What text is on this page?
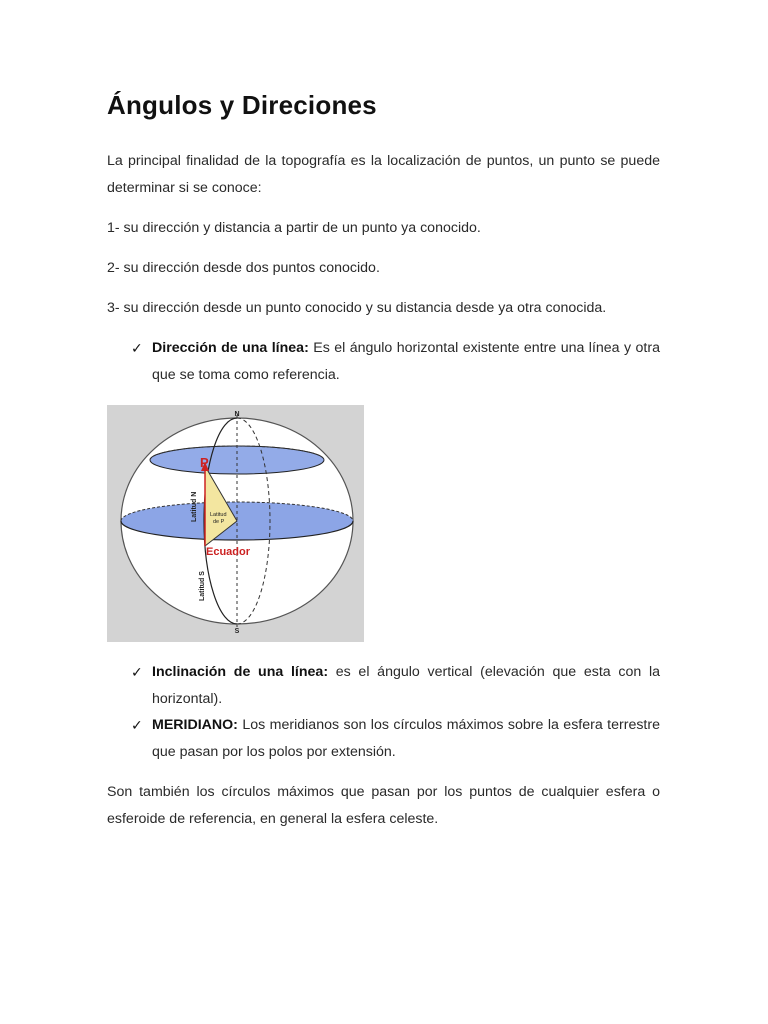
Ángulos y Direciones

La principal finalidad de la topografía es la localización de puntos, un punto se puede determinar si se conoce:

1- su dirección y distancia a partir de un punto ya conocido.

2- su dirección desde dos puntos conocido.

3- su dirección desde un punto conocido y su distancia desde ya otra conocida.

✓ Dirección de una línea: Es el ángulo horizontal existente entre una línea y otra que se toma como referencia.
N
S
P
Ecuador
Latitud
de P
Latitud N
Latitud S
✓ Inclinación de una línea: es el ángulo vertical (elevación que esta con la horizontal).
✓ MERIDIANO: Los meridianos son los círculos máximos sobre la esfera terrestre que pasan por los polos por extensión.

Son también los círculos máximos que pasan por los puntos de cualquier esfera o esferoide de referencia, en general la esfera celeste.
